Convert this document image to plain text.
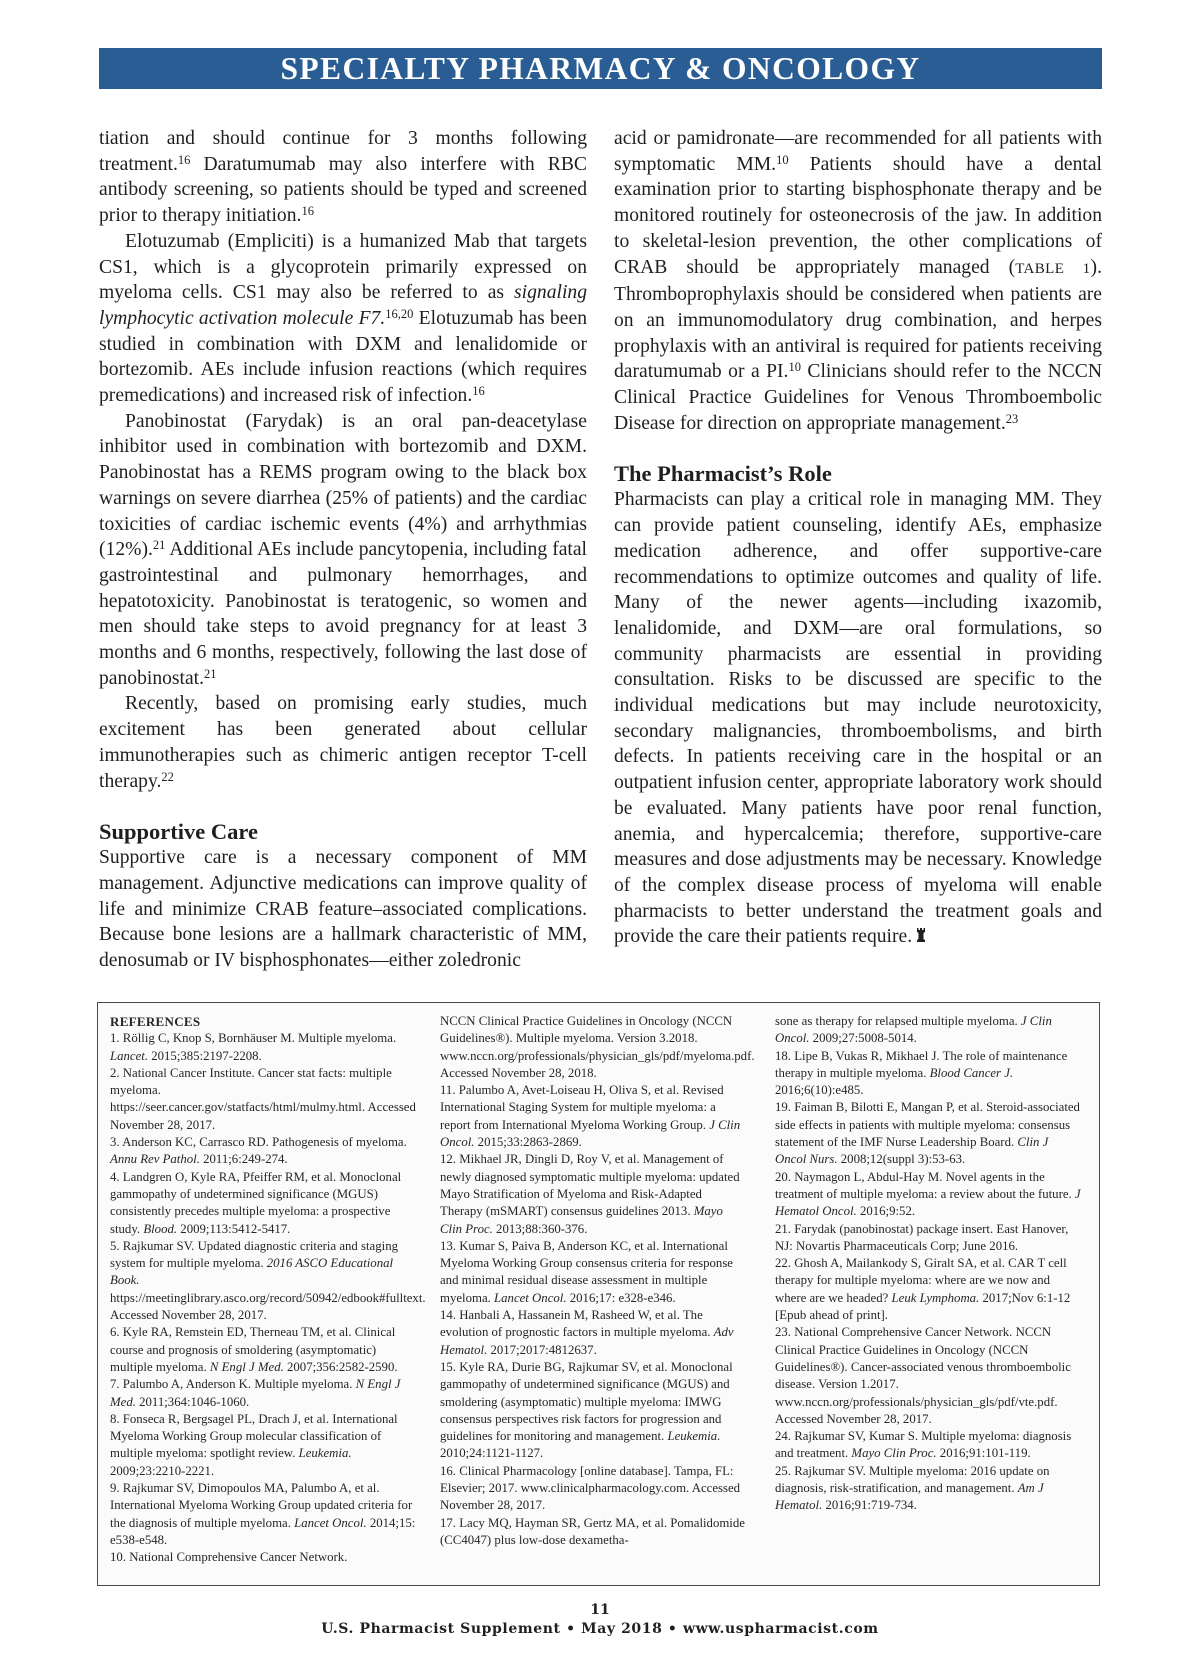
SPECIALTY PHARMACY & ONCOLOGY

tiation and should continue for 3 months following treatment.$^{16}$ Daratumumab may also interfere with RBC antibody screening, so patients should be typed and screened prior to therapy initiation.$^{16}$

Elotuzumab (Empliciti) is a humanized Mab that targets CS1, which is a glycoprotein primarily expressed on myeloma cells. CS1 may also be referred to as signaling lymphocytic activation molecule F7.$^{16,20}$ Elotuzumab has been studied in combination with DXM and lenalidomide or bortezomib. AEs include infusion reactions (which requires premedications) and increased risk of infection.$^{16}$

Panobinostat (Farydak) is an oral pan-deacetylase inhibitor used in combination with bortezomib and DXM. Panobinostat has a REMS program owing to the black box warnings on severe diarrhea (25% of patients) and the cardiac toxicities of cardiac ischemic events (4%) and arrhythmias (12%).$^{21}$ Additional AEs include pancytopenia, including fatal gastrointestinal and pulmonary hemorrhages, and hepatotoxicity. Panobinostat is teratogenic, so women and men should take steps to avoid pregnancy for at least 3 months and 6 months, respectively, following the last dose of panobinostat.$^{21}$

Recently, based on promising early studies, much excitement has been generated about cellular immunotherapies such as chimeric antigen receptor T-cell therapy.$^{22}$

Supportive Care

Supportive care is a necessary component of MM management. Adjunctive medications can improve quality of life and minimize CRAB feature–associated complications. Because bone lesions are a hallmark characteristic of MM, denosumab or IV bisphosphonates—either zoledronic

acid or pamidronate—are recommended for all patients with symptomatic MM.$^{10}$ Patients should have a dental examination prior to starting bisphosphonate therapy and be monitored routinely for osteonecrosis of the jaw. In addition to skeletal-lesion prevention, the other complications of CRAB should be appropriately managed (TABLE 1). Thromboprophylaxis should be considered when patients are on an immunomodulatory drug combination, and herpes prophylaxis with an antiviral is required for patients receiving daratumumab or a PI.$^{10}$ Clinicians should refer to the NCCN Clinical Practice Guidelines for Venous Thromboembolic Disease for direction on appropriate management.$^{23}$

The Pharmacist’s Role

Pharmacists can play a critical role in managing MM. They can provide patient counseling, identify AEs, emphasize medication adherence, and offer supportive-care recommendations to optimize outcomes and quality of life. Many of the newer agents—including ixazomib, lenalidomide, and DXM—are oral formulations, so community pharmacists are essential in providing consultation. Risks to be discussed are specific to the individual medications but may include neurotoxicity, secondary malignancies, thromboembolisms, and birth defects. In patients receiving care in the hospital or an outpatient infusion center, appropriate laboratory work should be evaluated. Many patients have poor renal function, anemia, and hypercalcemia; therefore, supportive-care measures and dose adjustments may be necessary. Knowledge of the complex disease process of myeloma will enable pharmacists to better understand the treatment goals and provide the care their patients require.

REFERENCES

1. Röllig C, Knop S, Bornhäuser M. Multiple myeloma. Lancet. 2015;385:2197-2208.

2. National Cancer Institute. Cancer stat facts: multiple myeloma. https://seer.cancer.gov/statfacts/html/mulmy.html. Accessed November 28, 2017.

3. Anderson KC, Carrasco RD. Pathogenesis of myeloma. Annu Rev Pathol. 2011;6:249-274.

4. Landgren O, Kyle RA, Pfeiffer RM, et al. Monoclonal gammopathy of undetermined significance (MGUS) consistently precedes multiple myeloma: a prospective study. Blood. 2009;113:5412-5417.

5. Rajkumar SV. Updated diagnostic criteria and staging system for multiple myeloma. 2016 ASCO Educational Book. https://meetinglibrary.asco.org/record/50942/edbook#fulltext. Accessed November 28, 2017.

6. Kyle RA, Remstein ED, Therneau TM, et al. Clinical course and prognosis of smoldering (asymptomatic) multiple myeloma. N Engl J Med. 2007;356:2582-2590.

7. Palumbo A, Anderson K. Multiple myeloma. N Engl J Med. 2011;364:1046-1060.

8. Fonseca R, Bergsagel PL, Drach J, et al. International Myeloma Working Group molecular classification of multiple myeloma: spotlight review. Leukemia. 2009;23:2210-2221.

9. Rajkumar SV, Dimopoulos MA, Palumbo A, et al. International Myeloma Working Group updated criteria for the diagnosis of multiple myeloma. Lancet Oncol. 2014;15: e538-e548.

10. National Comprehensive Cancer Network.

NCCN Clinical Practice Guidelines in Oncology (NCCN Guidelines®). Multiple myeloma. Version 3.2018. www.nccn.org/professionals/physician_gls/pdf/myeloma.pdf. Accessed November 28, 2018.

11. Palumbo A, Avet-Loiseau H, Oliva S, et al. Revised International Staging System for multiple myeloma: a report from International Myeloma Working Group. J Clin Oncol. 2015;33:2863-2869.

12. Mikhael JR, Dingli D, Roy V, et al. Management of newly diagnosed symptomatic multiple myeloma: updated Mayo Stratification of Myeloma and Risk-Adapted Therapy (mSMART) consensus guidelines 2013. Mayo Clin Proc. 2013;88:360-376.

13. Kumar S, Paiva B, Anderson KC, et al. International Myeloma Working Group consensus criteria for response and minimal residual disease assessment in multiple myeloma. Lancet Oncol. 2016;17: e328-e346.

14. Hanbali A, Hassanein M, Rasheed W, et al. The evolution of prognostic factors in multiple myeloma. Adv Hematol. 2017;2017:4812637.

15. Kyle RA, Durie BG, Rajkumar SV, et al. Monoclonal gammopathy of undetermined significance (MGUS) and smoldering (asymptomatic) multiple myeloma: IMWG consensus perspectives risk factors for progression and guidelines for monitoring and management. Leukemia. 2010;24:1121-1127.

16. Clinical Pharmacology [online database]. Tampa, FL: Elsevier; 2017. www.clinicalpharmacology.com. Accessed November 28, 2017.

17. Lacy MQ, Hayman SR, Gertz MA, et al. Pomalidomide (CC4047) plus low-dose dexametha-

sone as therapy for relapsed multiple myeloma. J Clin Oncol. 2009;27:5008-5014.

18. Lipe B, Vukas R, Mikhael J. The role of maintenance therapy in multiple myeloma. Blood Cancer J. 2016;6(10):e485.

19. Faiman B, Bilotti E, Mangan P, et al. Steroid-associated side effects in patients with multiple myeloma: consensus statement of the IMF Nurse Leadership Board. Clin J Oncol Nurs. 2008;12(suppl 3):53-63.

20. Naymagon L, Abdul-Hay M. Novel agents in the treatment of multiple myeloma: a review about the future. J Hematol Oncol. 2016;9:52.

21. Farydak (panobinostat) package insert. East Hanover, NJ: Novartis Pharmaceuticals Corp; June 2016.

22. Ghosh A, Mailankody S, Giralt SA, et al. CAR T cell therapy for multiple myeloma: where are we now and where are we headed? Leuk Lymphoma. 2017;Nov 6:1-12 [Epub ahead of print].

23. National Comprehensive Cancer Network. NCCN Clinical Practice Guidelines in Oncology (NCCN Guidelines®). Cancer-associated venous thromboembolic disease. Version 1.2017. www.nccn.org/professionals/physician_gls/pdf/vte.pdf. Accessed November 28, 2017.

24. Rajkumar SV, Kumar S. Multiple myeloma: diagnosis and treatment. Mayo Clin Proc. 2016;91:101-119.

25. Rajkumar SV. Multiple myeloma: 2016 update on diagnosis, risk-stratification, and management. Am J Hematol. 2016;91:719-734.

11
U.S. Pharmacist Supplement • May 2018 • www.uspharmacist.com
